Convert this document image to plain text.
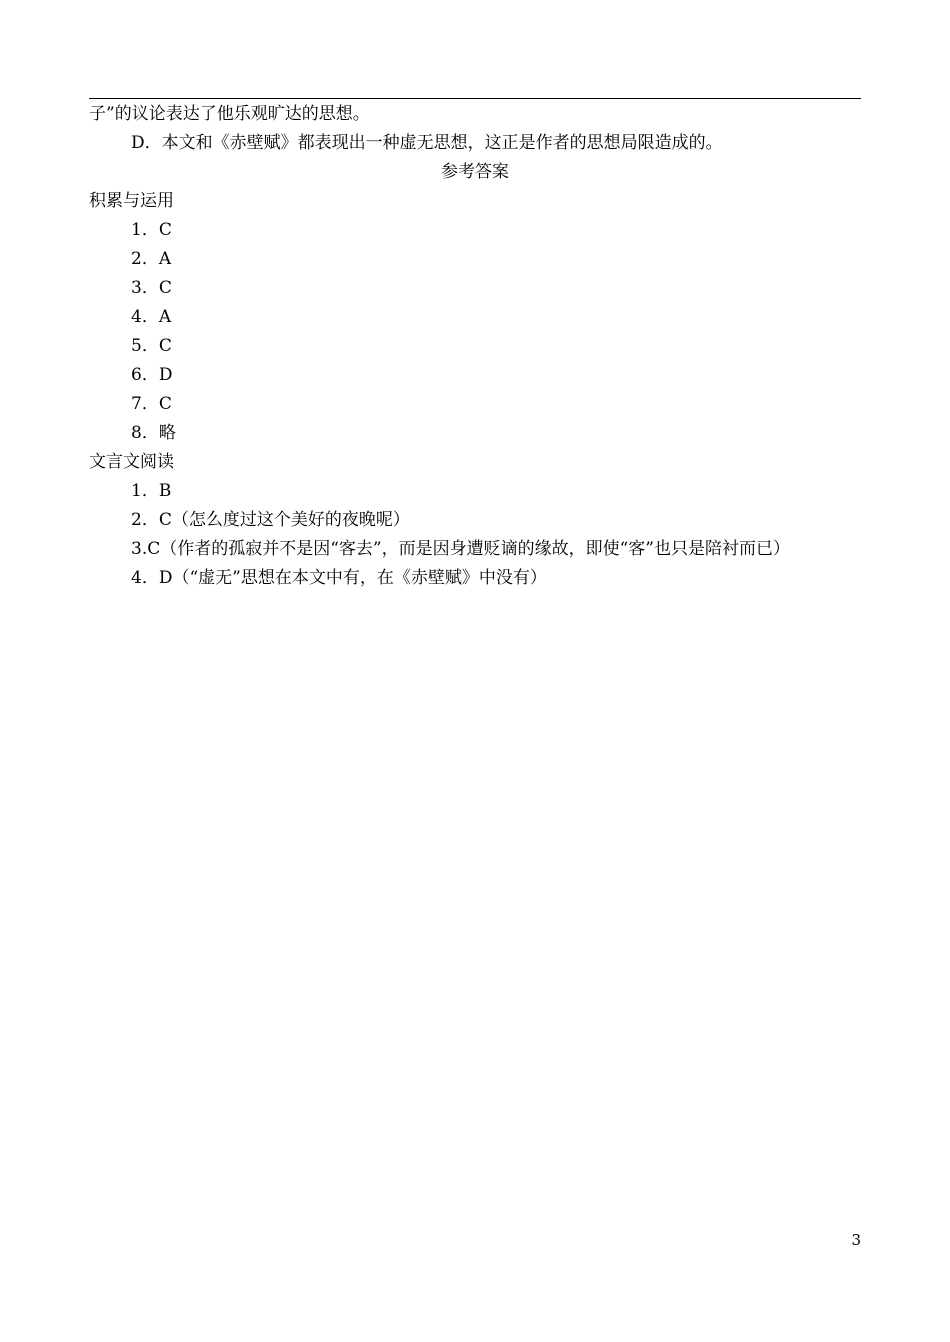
子”的议论表达了他乐观旷达的思想。
D．本文和《赤壁赋》都表现出一种虚无思想，这正是作者的思想局限造成的。
参考答案
积累与运用
1．C
2．A
3．C
4．A
5．C
6．D
7．C
8．略
文言文阅读
1．B
2．C（怎么度过这个美好的夜晚呢）
3.C（作者的孤寂并不是因“客去”，而是因身遭贬谪的缘故，即使“客”也只是陪衬而已）
4．D（“虚无”思想在本文中有，在《赤壁赋》中没有）
3
